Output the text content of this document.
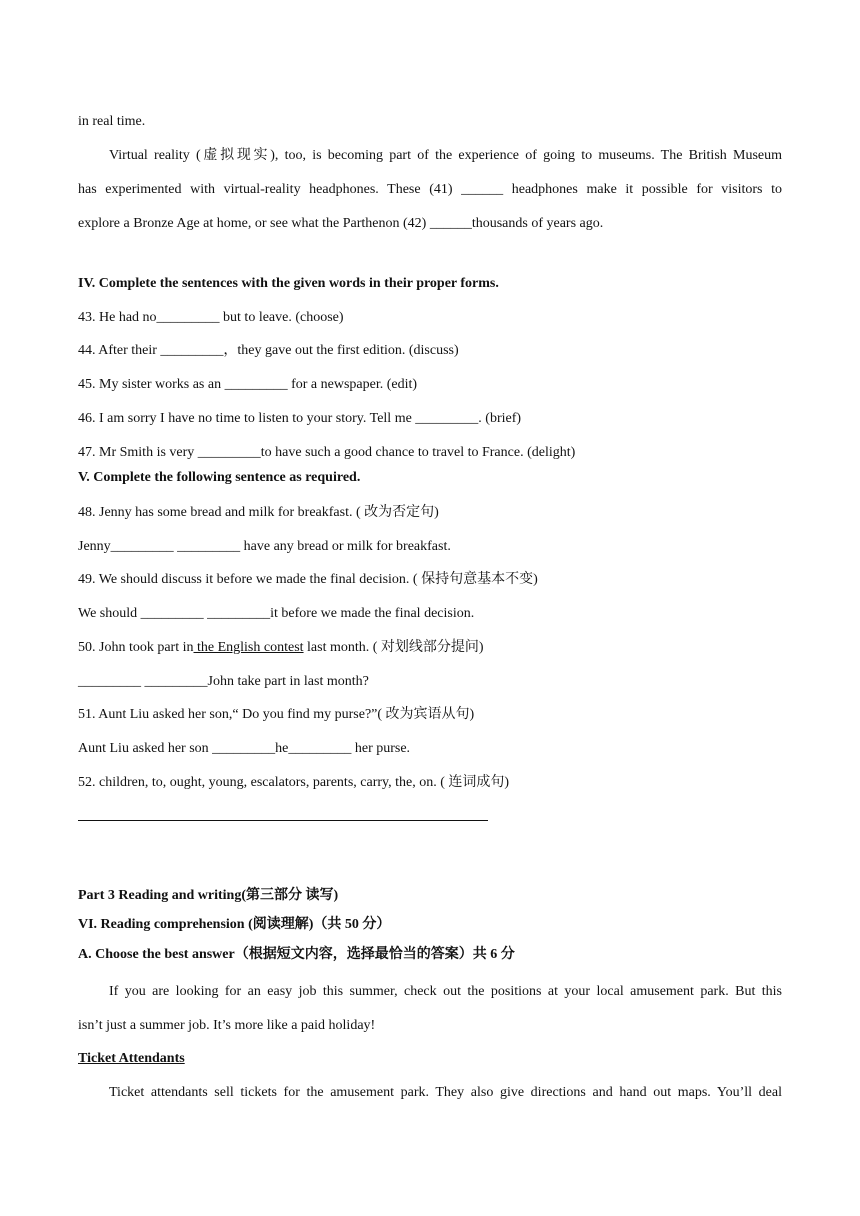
in real time.
Virtual reality (虚拟现实), too, is becoming part of the experience of going to museums. The British Museum
has experimented with virtual-reality headphones. These (41) ______ headphones make it possible for visitors to
explore a Bronze Age at home, or see what the Parthenon (42) ______thousands of years ago.
IV. Complete the sentences with the given words in their proper forms.
43. He had no_________ but to leave. (choose)
44. After their _________，they gave out the first edition. (discuss)
45. My sister works as an _________ for a newspaper. (edit)
46. I am sorry I have no time to listen to your story. Tell me _________. (brief)
47. Mr Smith is very _________to have such a good chance to travel to France. (delight)
V. Complete the following sentence as required.
48. Jenny has some bread and milk for breakfast. ( 改为否定句)
Jenny_________ _________ have any bread or milk for breakfast.
49. We should discuss it before we made the final decision. ( 保持句意基本不变)
We should _________ _________it before we made the final decision.
50. John took part in the English contest last month. ( 对划线部分提问)
_________ _________John take part in last month?
51. Aunt Liu asked her son,“ Do you find my purse?”( 改为宾语从句)
Aunt Liu asked her son _________he_________ her purse.
52. children, to, ought, young, escalators, parents, carry, the, on. ( 连词成句)
Part 3 Reading and writing(第三部分 读写)
VI. Reading comprehension (阅读理解)（共 50 分）
A. Choose the best answer（根据短文内容，选择最恰当的答案）共 6 分
If you are looking for an easy job this summer, check out the positions at your local amusement park. But this
isn’t just a summer job. It’s more like a paid holiday!
Ticket Attendants
Ticket attendants sell tickets for the amusement park. They also give directions and hand out maps. You’ll deal
